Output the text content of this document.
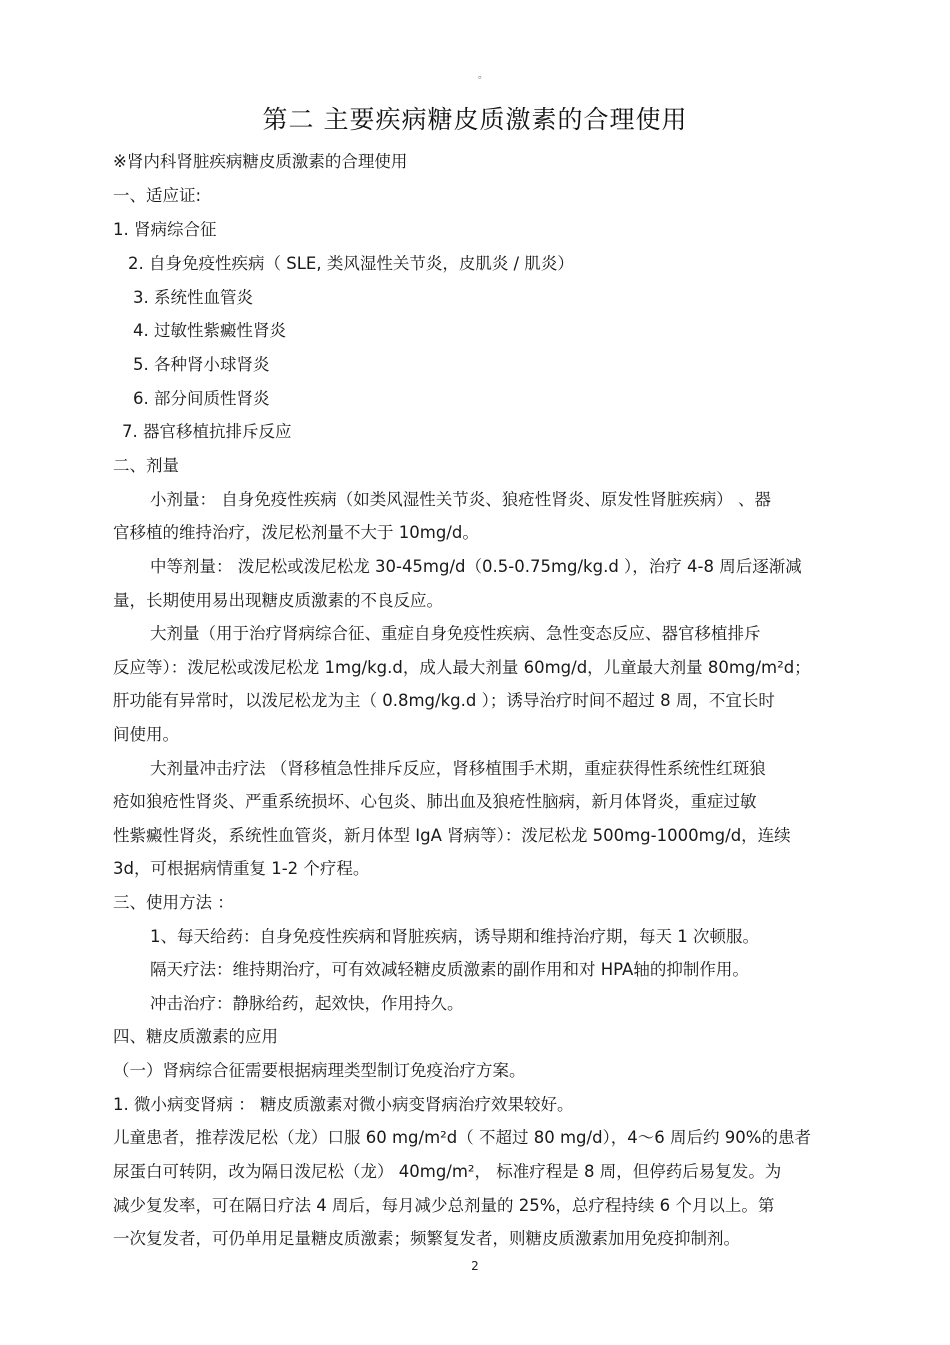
。
第二 主要疾病糖皮质激素的合理使用
※肾内科肾脏疾病糖皮质激素的合理使用
一、适应证:
1. 肾病综合征
2. 自身免疫性疾病（ SLE, 类风湿性关节炎，皮肌炎 / 肌炎）
3. 系统性血管炎
4. 过敏性紫癜性肾炎
5. 各种肾小球肾炎
6. 部分间质性肾炎
7. 器官移植抗排斥反应
二、剂量
小剂量： 自身免疫性疾病（如类风湿性关节炎、狼疮性肾炎、原发性肾脏疾病） 、器
官移植的维持治疗，泼尼松剂量不大于 10mg/d。
中等剂量： 泼尼松或泼尼松龙 30-45mg/d（0.5-0.75mg/kg.d ），治疗 4-8 周后逐渐减
量，长期使用易出现糖皮质激素的不良反应。
大剂量（用于治疗肾病综合征、重症自身免疫性疾病、急性变态反应、器官移植排斥
反应等）：泼尼松或泼尼松龙 1mg/kg.d，成人最大剂量 60mg/d，儿童最大剂量 80mg/m²d；
肝功能有异常时，以泼尼松龙为主（ 0.8mg/kg.d ）；诱导治疗时间不超过 8 周，不宜长时
间使用。
大剂量冲击疗法 （肾移植急性排斥反应，肾移植围手术期，重症获得性系统性红斑狼
疮如狼疮性肾炎、严重系统损坏、心包炎、肺出血及狼疮性脑病，新月体肾炎，重症过敏
性紫癜性肾炎，系统性血管炎，新月体型 IgA 肾病等）：泼尼松龙 500mg-1000mg/d，连续
3d，可根据病情重复 1-2 个疗程。
三、使用方法 ：
1、每天给药：自身免疫性疾病和肾脏疾病，诱导期和维持治疗期，每天 1 次顿服。
隔天疗法：维持期治疗，可有效减轻糖皮质激素的副作用和对 HPA轴的抑制作用。
冲击治疗：静脉给药，起效快，作用持久。
四、糖皮质激素的应用
（一）肾病综合征需要根据病理类型制订免疫治疗方案。
1. 微小病变肾病 ： 糖皮质激素对微小病变肾病治疗效果较好。
儿童患者，推荐泼尼松（龙）口服 60 mg/m²d（ 不超过 80 mg/d），4～6 周后约 90%的患者
尿蛋白可转阴，改为隔日泼尼松（龙） 40mg/m²， 标准疗程是 8 周，但停药后易复发。为
减少复发率，可在隔日疗法 4 周后，每月减少总剂量的 25%，总疗程持续 6 个月以上。第
一次复发者，可仍单用足量糖皮质激素；频繁复发者，则糖皮质激素加用免疫抑制剂。
2
